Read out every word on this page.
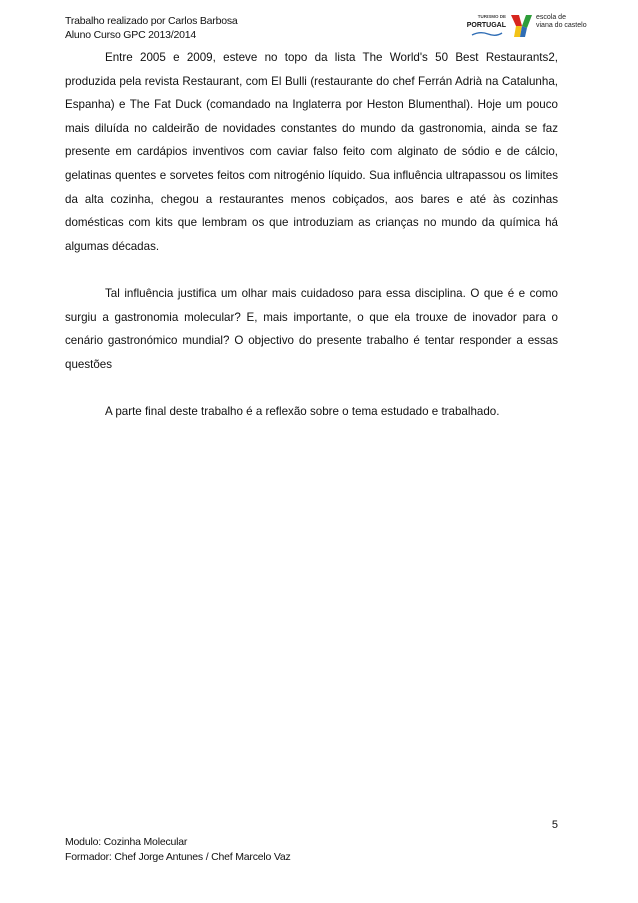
Trabalho realizado por Carlos Barbosa
Aluno Curso GPC 2013/2014
TURISMO DE
PORTUGAL
escola de
viana do castelo

Entre 2005 e 2009, esteve no topo da lista The World's 50 Best Restaurants2, produzida pela revista Restaurant, com El Bulli (restaurante do chef Ferrán Adrià na Catalunha, Espanha) e The Fat Duck (comandado na Inglaterra por Heston Blumenthal). Hoje um pouco mais diluída no caldeirão de novidades constantes do mundo da gastronomia, ainda se faz presente em cardápios inventivos com caviar falso feito com alginato de sódio e de cálcio, gelatinas quentes e sorvetes feitos com nitrogénio líquido. Sua influência ultrapassou os limites da alta cozinha, chegou a restaurantes menos cobiçados, aos bares e até às cozinhas domésticas com kits que lembram os que introduziam as crianças no mundo da química há algumas décadas.

Tal influência justifica um olhar mais cuidadoso para essa disciplina. O que é e como surgiu a gastronomia molecular? E, mais importante, o que ela trouxe de inovador para o cenário gastronómico mundial? O objectivo do presente trabalho é tentar responder a essas questões

A parte final deste trabalho é a reflexão sobre o tema estudado e trabalhado.

5
Modulo: Cozinha Molecular
Formador: Chef Jorge Antunes / Chef Marcelo Vaz
